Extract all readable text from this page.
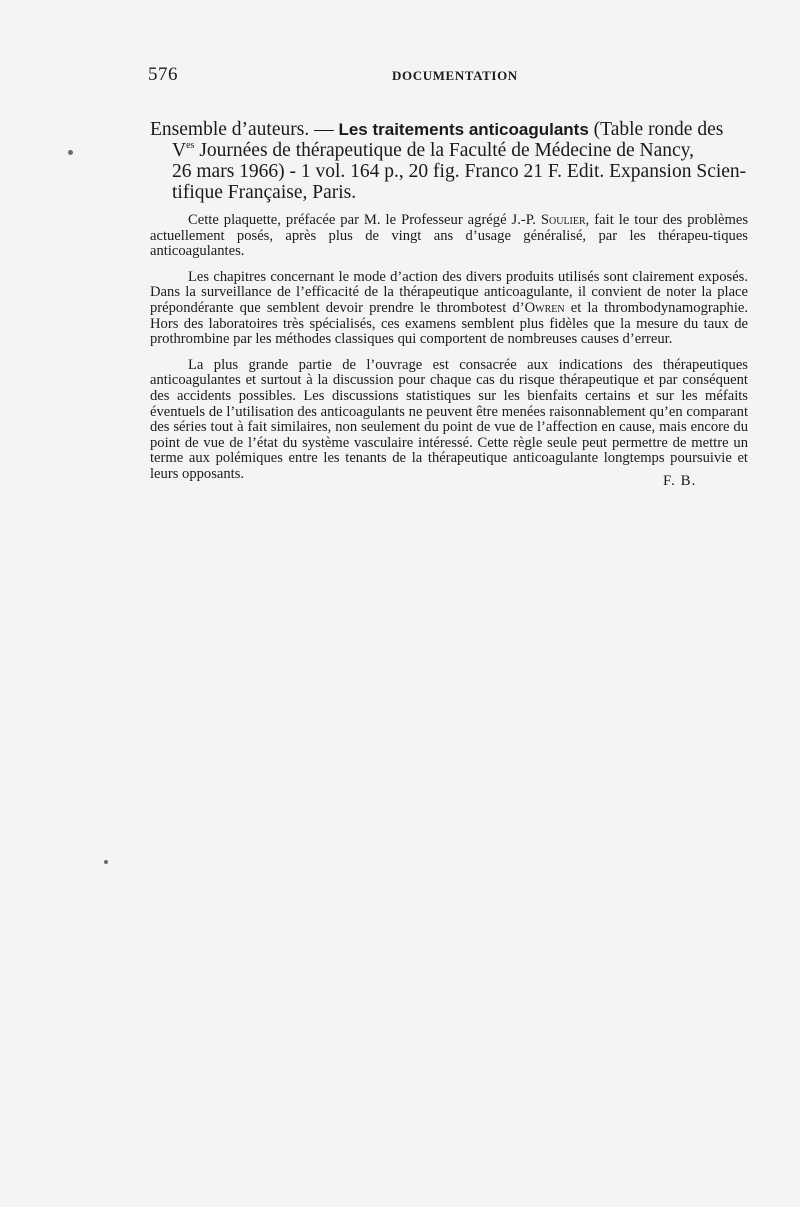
576	DOCUMENTATION
Ensemble d’auteurs. — Les traitements anticoagulants (Table ronde des
$V^{es}$ Journées de thérapeutique de la Faculté de Médecine de Nancy,
26 mars 1966) - 1 vol. 164 p., 20 fig. Franco 21 F. Edit. Expansion Scien-
tifique Française, Paris.

Cette plaquette, préfacée par M. le Professeur agrégé J.-P. Soulier, fait le tour des problèmes actuellement posés, après plus de vingt ans d’usage généralisé, par les thérapeu-tiques anticoagulantes.

Les chapitres concernant le mode d’action des divers produits utilisés sont clairement exposés. Dans la surveillance de l’efficacité de la thérapeutique anticoagulante, il convient de noter la place prépondérante que semblent devoir prendre le thrombotest d’Owren et la thrombodynamographie. Hors des laboratoires très spécialisés, ces examens semblent plus fidèles que la mesure du taux de prothrombine par les méthodes classiques qui comportent de nombreuses causes d’erreur.

La plus grande partie de l’ouvrage est consacrée aux indications des thérapeutiques anticoagulantes et surtout à la discussion pour chaque cas du risque thérapeutique et par conséquent des accidents possibles. Les discussions statistiques sur les bienfaits certains et sur les méfaits éventuels de l’utilisation des anticoagulants ne peuvent être menées raisonnablement qu’en comparant des séries tout à fait similaires, non seulement du point de vue de l’affection en cause, mais encore du point de vue de l’état du système vasculaire intéressé. Cette règle seule peut permettre de mettre un terme aux polémiques entre les tenants de la thérapeutique anticoagulante longtemps poursuivie et leurs opposants.	F. B.
